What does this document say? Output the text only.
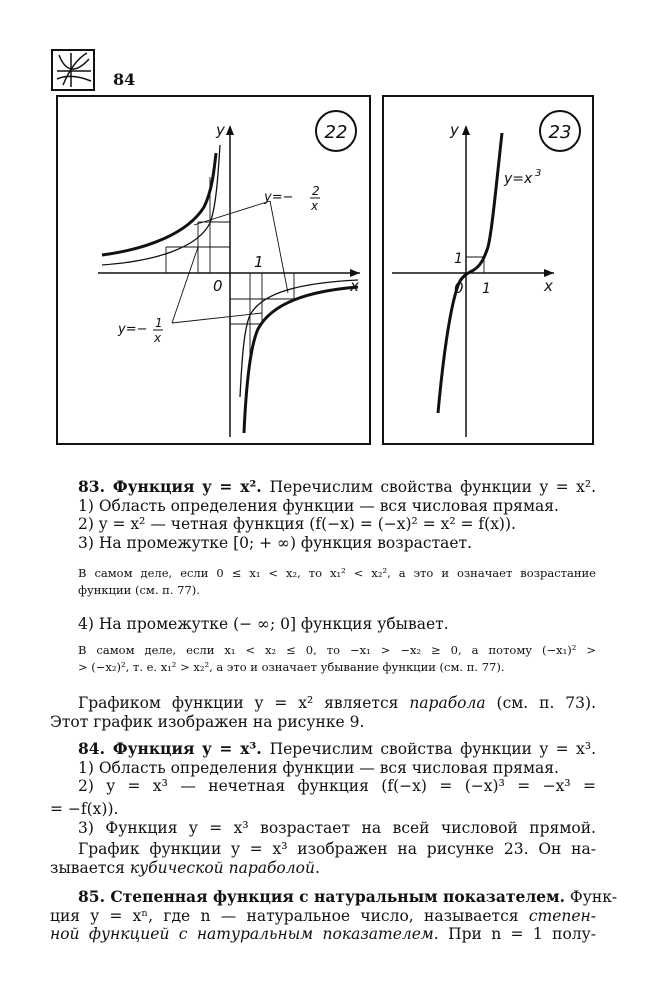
84
22
y
x
0
1
y=− 2
x
y=− 1
x
23
y
x
0 1
1
y=x 3
83. Функция y = x². Перечислим свойства функции y = x².
1) Область определения функции — вся числовая прямая.
2) y = x² — четная функция (f(−x) = (−x)² = x² = f(x)).
3) На промежутке [0; + ∞) функция возрастает.
В самом деле, если 0 ≤ x₁ < x₂, то x₁² < x₂², а это и означает возрастание
функции (см. п. 77).
4) На промежутке (− ∞; 0] функция убывает.
В самом деле, если x₁ < x₂ ≤ 0, то −x₁ > −x₂ ≥ 0, а потому (−x₁)² >
> (−x₂)², т. е. x₁² > x₂², а это и означает убывание функции (см. п. 77).
Графиком функции y = x² является парабола (см. п. 73).
Этот график изображен на рисунке 9.
84. Функция y = x³. Перечислим свойства функции y = x³.
1) Область определения функции — вся числовая прямая.
2) y = x³ — нечетная функция (f(−x) = (−x)³ = −x³ =
= −f(x)).
3) Функция y = x³ возрастает на всей числовой прямой.
График функции y = x³ изображен на рисунке 23. Он на-
зывается кубической параболой.
85. Степенная функция с натуральным показателем. Функ-
ция y = xⁿ, где n — натуральное число, называется степен-
ной функцией с натуральным показателем. При n = 1 полу-
